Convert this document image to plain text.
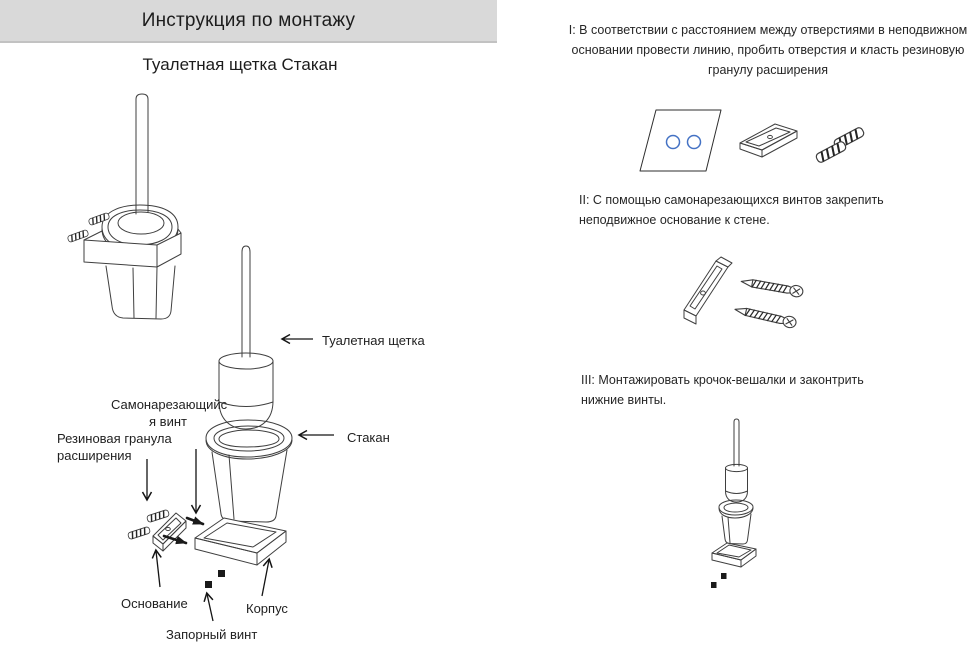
Инструкция по монтажу
Туалетная щетка Стакан
Туалетная щетка
Самонарезающийс
я винт
Резиновая гранула
расширения
Стакан
Основание	Корпус
Запорный винт
I: В соответствии с расстоянием между отверстиями в неподвижном
основании провести линию, пробить отверстия и класть резиновую
гранулу расширения
II: С помощью самонарезающихся винтов закрепить
неподвижное основание к стене.
III: Монтажировать крочок-вешалки и законтрить
нижние винты.
